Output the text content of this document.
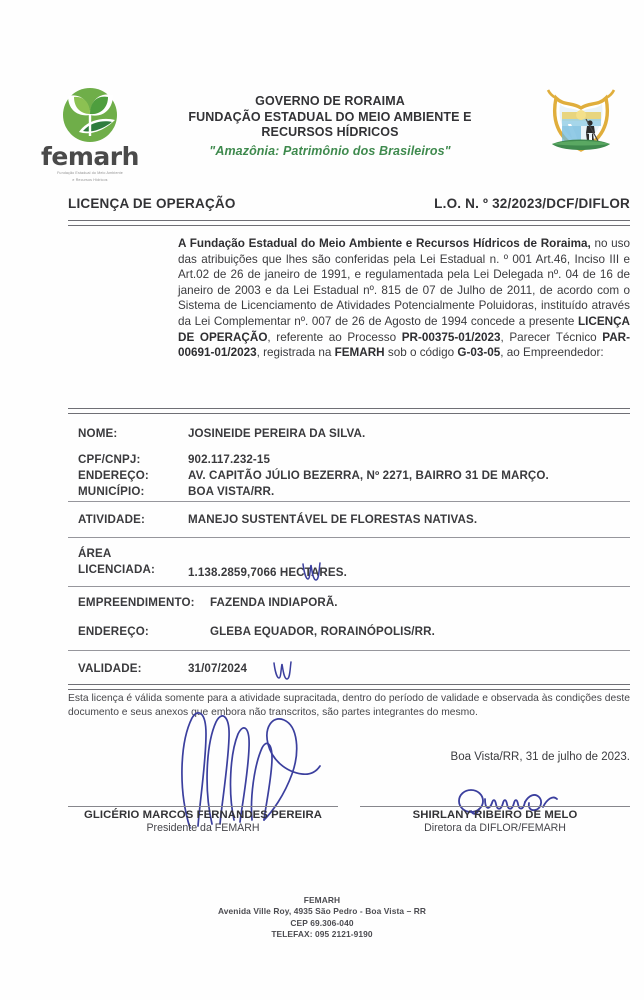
femarh
Fundação Estadual do Meio Ambiente
e Recursos Hídricos
GOVERNO DE RORAIMA
FUNDAÇÃO ESTADUAL DO MEIO AMBIENTE E
RECURSOS HÍDRICOS
"Amazônia: Patrimônio dos Brasileiros"
LICENÇA DE OPERAÇÃO	L.O. N. º 32/2023/DCF/DIFLOR
A Fundação Estadual do Meio Ambiente e Recursos Hídricos de Roraima, no uso das atribuições que lhes são conferidas pela Lei Estadual n. º 001 Art.46, Inciso III e Art.02 de 26 de janeiro de 1991, e regulamentada pela Lei Delegada nº. 04 de 16 de janeiro de 2003 e da Lei Estadual nº. 815 de 07 de Julho de 2011, de acordo com o Sistema de Licenciamento de Atividades Potencialmente Poluidoras, instituído através da Lei Complementar nº. 007 de 26 de Agosto de 1994 concede a presente LICENÇA DE OPERAÇÃO, referente ao Processo PR-00375-01/2023, Parecer Técnico PAR-00691-01/2023, registrada na FEMARH sob o código G-03-05, ao Empreendedor:
NOME:	JOSINEIDE PEREIRA DA SILVA.
CPF/CNPJ:	902.117.232-15
ENDEREÇO:	AV. CAPITÃO JÚLIO BEZERRA, Nº 2271, BAIRRO 31 DE MARÇO.
MUNICÍPIO:	BOA VISTA/RR.
ATIVIDADE:	MANEJO SUSTENTÁVEL DE FLORESTAS NATIVAS.
ÁREA
LICENCIADA:	1.138.2859,7066 HECTARES.
EMPREENDIMENTO:	FAZENDA INDIAPORÃ.
ENDEREÇO:	GLEBA EQUADOR, RORAINÓPOLIS/RR.
VALIDADE:	31/07/2024
Esta licença é válida somente para a atividade supracitada, dentro do período de validade e observada às condições deste documento e seus anexos que embora não transcritos, são partes integrantes do mesmo.
Boa Vista/RR, 31 de julho de 2023.
GLICÉRIO MARCOS FERNANDES PEREIRA
Presidente da FEMARH
SHIRLANY RIBEIRO DE MELO
Diretora da DIFLOR/FEMARH
FEMARH
Avenida Ville Roy, 4935 São Pedro - Boa Vista – RR
CEP 69.306-040
TELEFAX: 095 2121-9190
